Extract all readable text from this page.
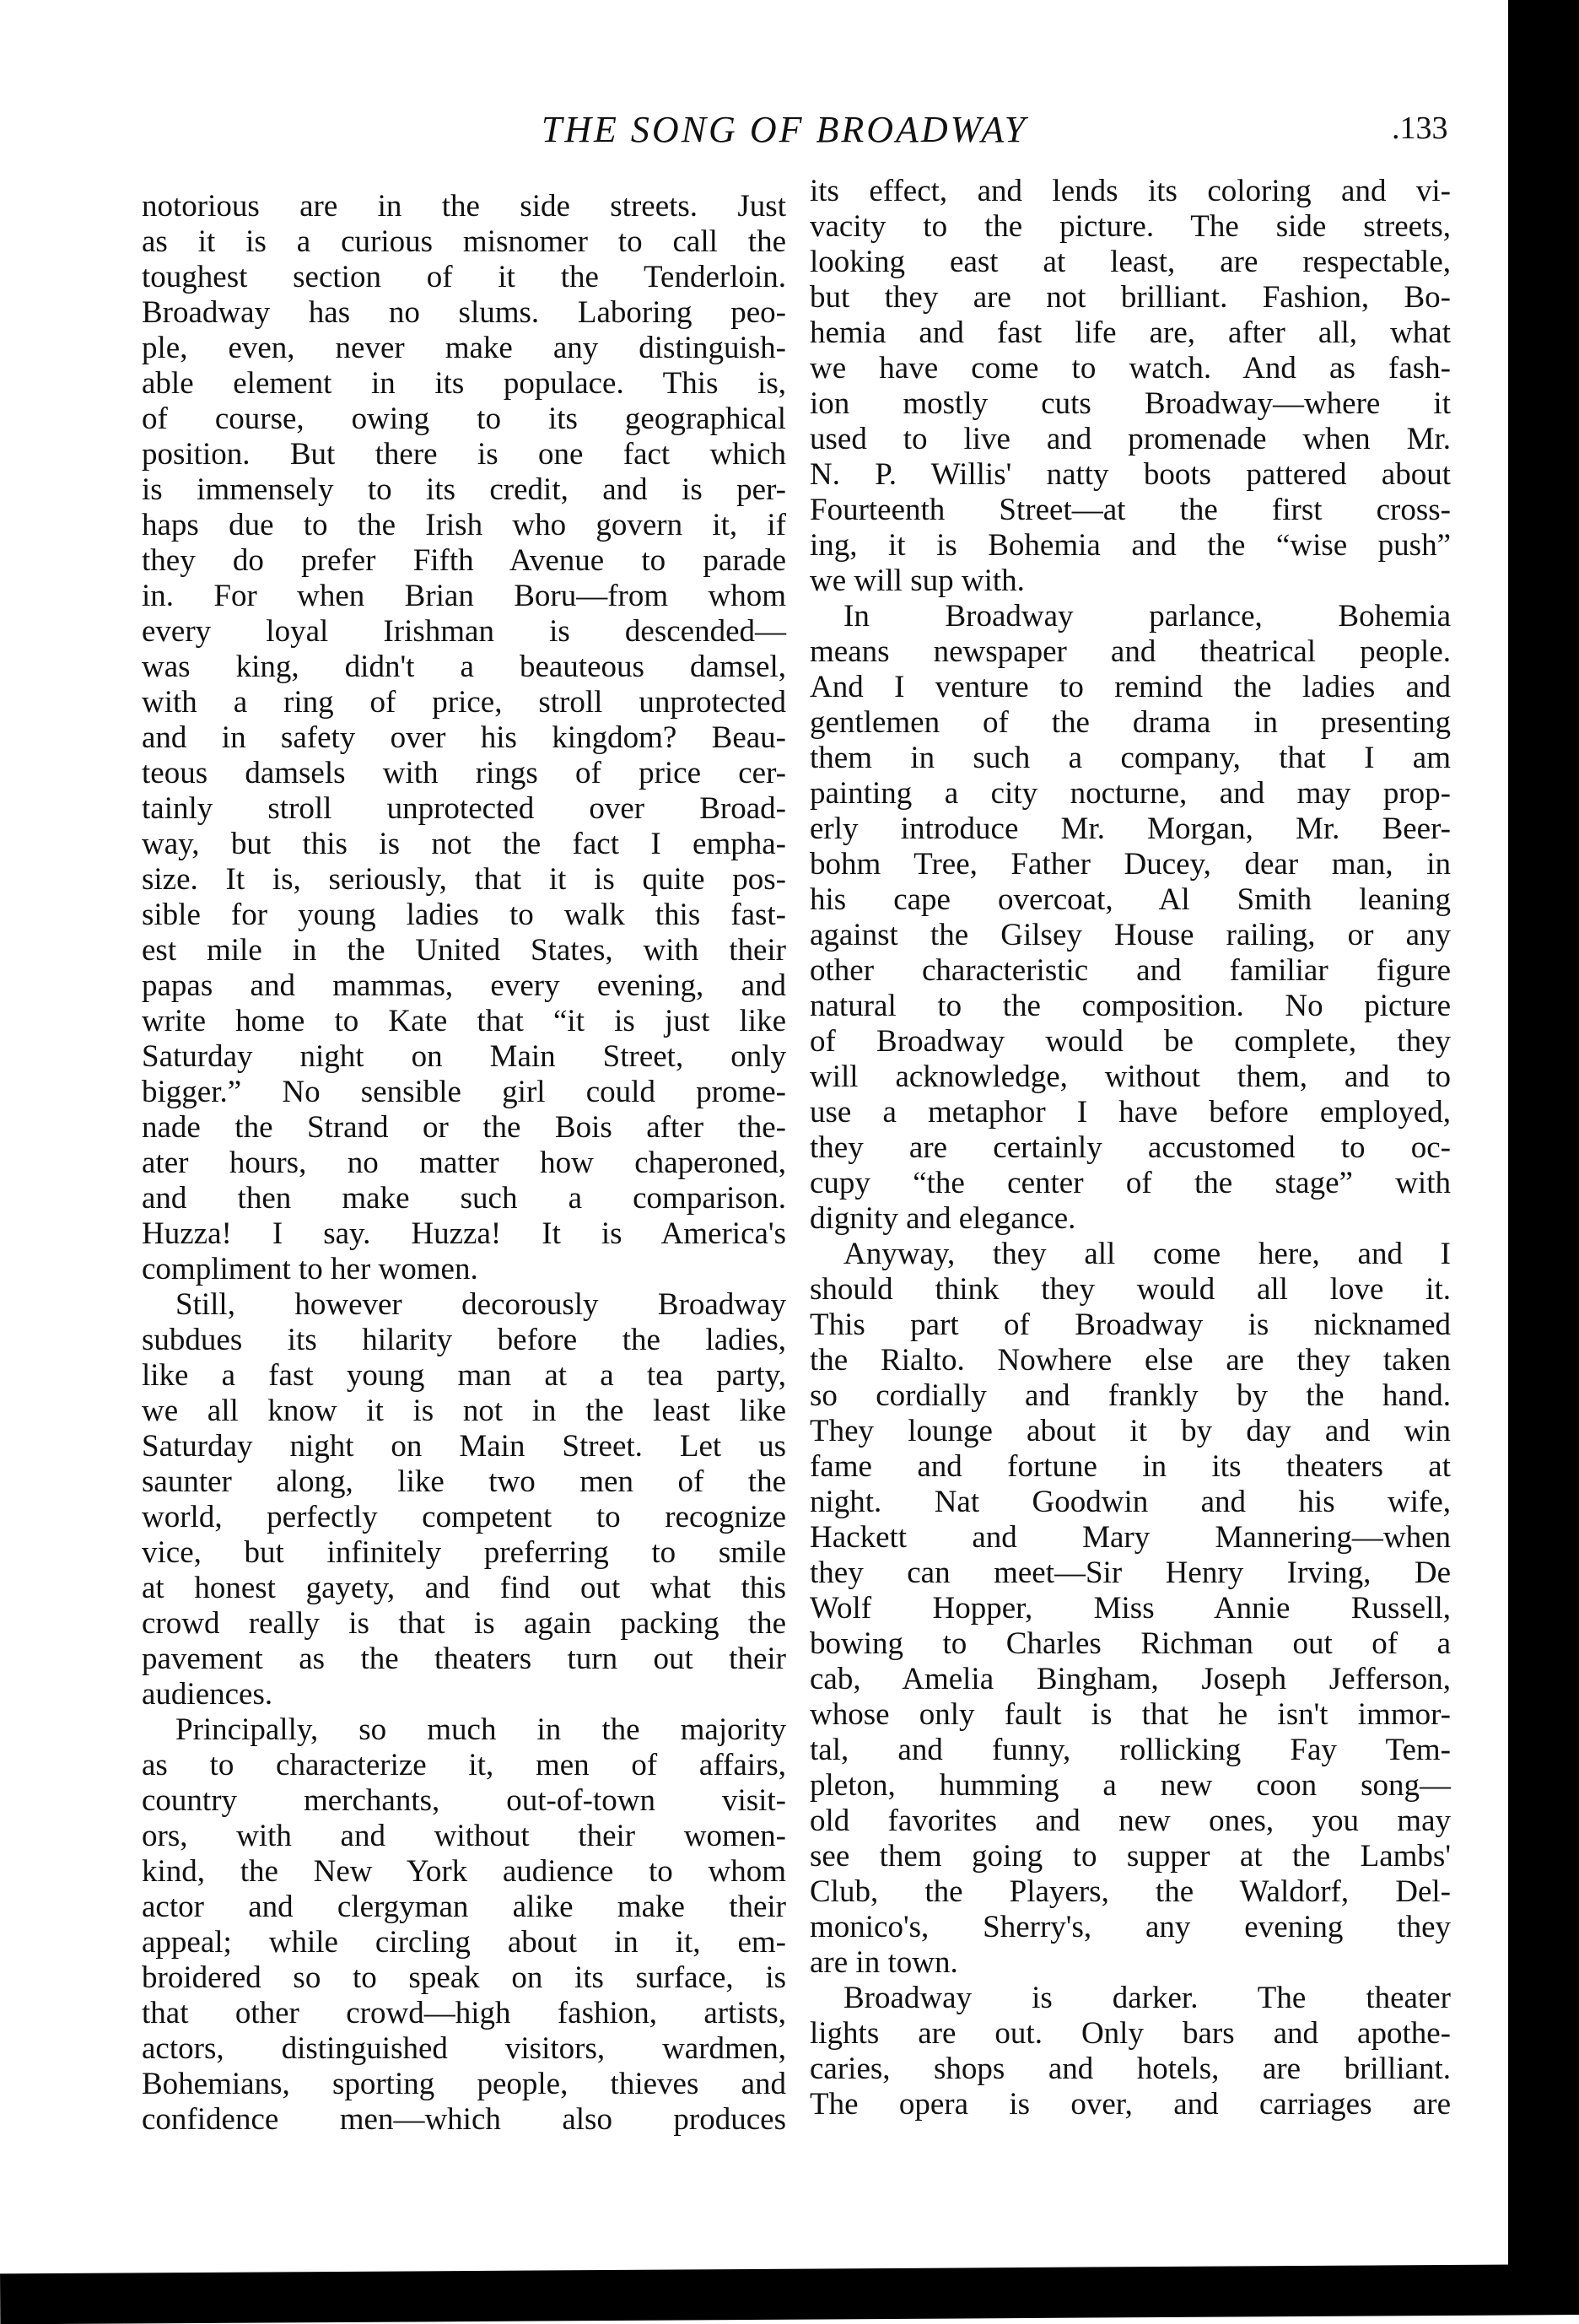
THE SONG OF BROADWAY	.133
notorious are in the side streets. Just
as it is a curious misnomer to call the
toughest section of it the Tenderloin.
Broadway has no slums. Laboring peo-
ple, even, never make any distinguish-
able element in its populace. This is,
of course, owing to its geographical
position. But there is one fact which
is immensely to its credit, and is per-
haps due to the Irish who govern it, if
they do prefer Fifth Avenue to parade
in. For when Brian Boru—from whom
every loyal Irishman is descended—
was king, didn't a beauteous damsel,
with a ring of price, stroll unprotected
and in safety over his kingdom? Beau-
teous damsels with rings of price cer-
tainly stroll unprotected over Broad-
way, but this is not the fact I empha-
size. It is, seriously, that it is quite pos-
sible for young ladies to walk this fast-
est mile in the United States, with their
papas and mammas, every evening, and
write home to Kate that “it is just like
Saturday night on Main Street, only
bigger.” No sensible girl could prome-
nade the Strand or the Bois after the-
ater hours, no matter how chaperoned,
and then make such a comparison.
Huzza! I say. Huzza! It is America's
compliment to her women.
Still, however decorously Broadway
subdues its hilarity before the ladies,
like a fast young man at a tea party,
we all know it is not in the least like
Saturday night on Main Street. Let us
saunter along, like two men of the
world, perfectly competent to recognize
vice, but infinitely preferring to smile
at honest gayety, and find out what this
crowd really is that is again packing the
pavement as the theaters turn out their
audiences.
Principally, so much in the majority
as to characterize it, men of affairs,
country merchants, out-of-town visit-
ors, with and without their women-
kind, the New York audience to whom
actor and clergyman alike make their
appeal; while circling about in it, em-
broidered so to speak on its surface, is
that other crowd—high fashion, artists,
actors, distinguished visitors, wardmen,
Bohemians, sporting people, thieves and
confidence men—which also produces
its effect, and lends its coloring and vi-
vacity to the picture. The side streets,
looking east at least, are respectable,
but they are not brilliant. Fashion, Bo-
hemia and fast life are, after all, what
we have come to watch. And as fash-
ion mostly cuts Broadway—where it
used to live and promenade when Mr.
N. P. Willis' natty boots pattered about
Fourteenth Street—at the first cross-
ing, it is Bohemia and the “wise push”
we will sup with.
In Broadway parlance, Bohemia
means newspaper and theatrical people.
And I venture to remind the ladies and
gentlemen of the drama in presenting
them in such a company, that I am
painting a city nocturne, and may prop-
erly introduce Mr. Morgan, Mr. Beer-
bohm Tree, Father Ducey, dear man, in
his cape overcoat, Al Smith leaning
against the Gilsey House railing, or any
other characteristic and familiar figure
natural to the composition. No picture
of Broadway would be complete, they
will acknowledge, without them, and to
use a metaphor I have before employed,
they are certainly accustomed to oc-
cupy “the center of the stage” with
dignity and elegance.
Anyway, they all come here, and I
should think they would all love it.
This part of Broadway is nicknamed
the Rialto. Nowhere else are they taken
so cordially and frankly by the hand.
They lounge about it by day and win
fame and fortune in its theaters at
night. Nat Goodwin and his wife,
Hackett and Mary Mannering—when
they can meet—Sir Henry Irving, De
Wolf Hopper, Miss Annie Russell,
bowing to Charles Richman out of a
cab, Amelia Bingham, Joseph Jefferson,
whose only fault is that he isn't immor-
tal, and funny, rollicking Fay Tem-
pleton, humming a new coon song—
old favorites and new ones, you may
see them going to supper at the Lambs'
Club, the Players, the Waldorf, Del-
monico's, Sherry's, any evening they
are in town.
Broadway is darker. The theater
lights are out. Only bars and apothe-
caries, shops and hotels, are brilliant.
The opera is over, and carriages are
